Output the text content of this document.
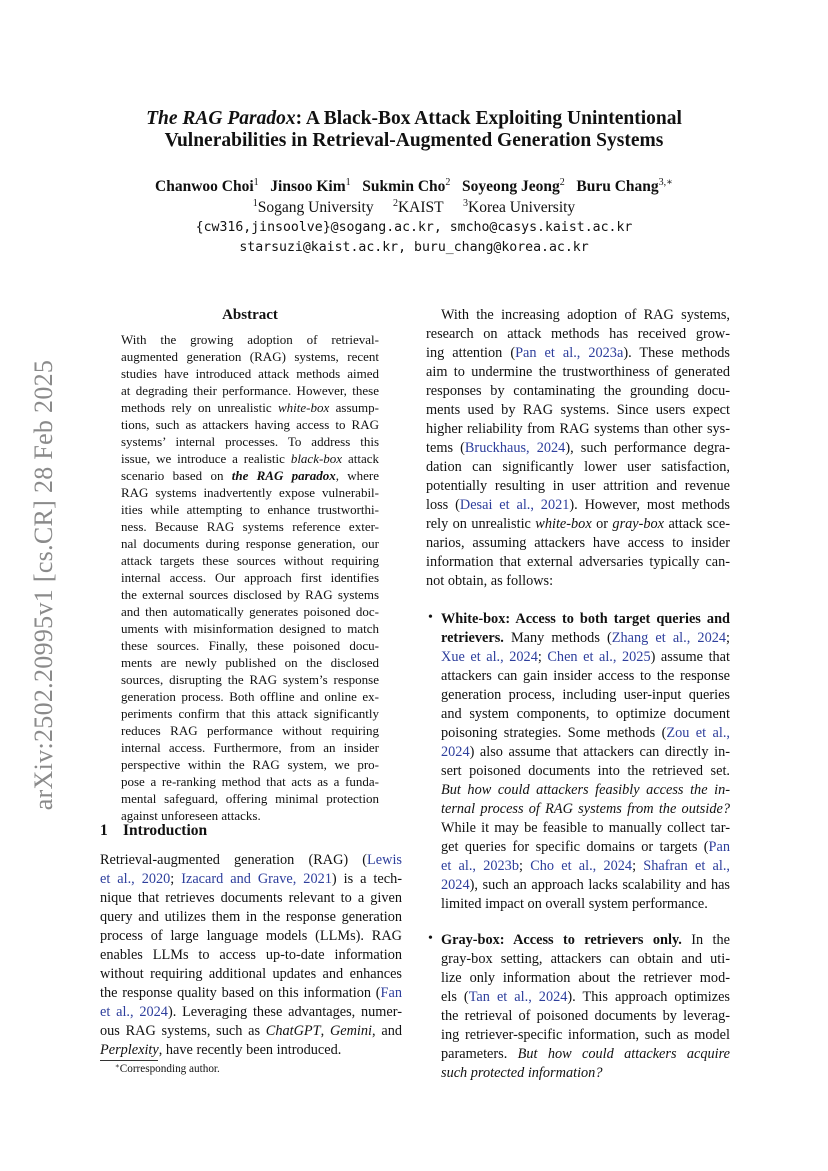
arXiv:2502.20995v1 [cs.CR] 28 Feb 2025
The RAG Paradox: A Black-Box Attack Exploiting Unintentional
Vulnerabilities in Retrieval-Augmented Generation Systems
Chanwoo Choi$^1$ Jinsoo Kim$^1$ Sukmin Cho$^2$ Soyeong Jeong$^2$ Buru Chang$^{3,∗}$
$^1$Sogang University $^2$KAIST $^3$Korea University
{cw316,jinsoolve}@sogang.ac.kr, smcho@casys.kaist.ac.kr
starsuzi@kaist.ac.kr, buru_chang@korea.ac.kr
Abstract
With the growing adoption of retrieval-
augmented generation (RAG) systems, recent
studies have introduced attack methods aimed
at degrading their performance. However, these
methods rely on unrealistic white-box assump-
tions, such as attackers having access to RAG
systems’ internal processes. To address this
issue, we introduce a realistic black-box attack
scenario based on the RAG paradox, where
RAG systems inadvertently expose vulnerabil-
ities while attempting to enhance trustworthi-
ness. Because RAG systems reference exter-
nal documents during response generation, our
attack targets these sources without requiring
internal access. Our approach first identifies
the external sources disclosed by RAG systems
and then automatically generates poisoned doc-
uments with misinformation designed to match
these sources. Finally, these poisoned docu-
ments are newly published on the disclosed
sources, disrupting the RAG system’s response
generation process. Both offline and online ex-
periments confirm that this attack significantly
reduces RAG performance without requiring
internal access. Furthermore, from an insider
perspective within the RAG system, we pro-
pose a re-ranking method that acts as a funda-
mental safeguard, offering minimal protection
against unforeseen attacks.
1 Introduction
Retrieval-augmented generation (RAG) (Lewis
et al., 2020; Izacard and Grave, 2021) is a tech-
nique that retrieves documents relevant to a given
query and utilizes them in the response generation
process of large language models (LLMs). RAG
enables LLMs to access up-to-date information
without requiring additional updates and enhances
the response quality based on this information (Fan
et al., 2024). Leveraging these advantages, numer-
ous RAG systems, such as ChatGPT, Gemini, and
Perplexity, have recently been introduced.
∗Corresponding author.
With the increasing adoption of RAG systems,
research on attack methods has received grow-
ing attention (Pan et al., 2023a). These methods
aim to undermine the trustworthiness of generated
responses by contaminating the grounding docu-
ments used by RAG systems. Since users expect
higher reliability from RAG systems than other sys-
tems (Bruckhaus, 2024), such performance degra-
dation can significantly lower user satisfaction,
potentially resulting in user attrition and revenue
loss (Desai et al., 2021). However, most methods
rely on unrealistic white-box or gray-box attack sce-
narios, assuming attackers have access to insider
information that external adversaries typically can-
not obtain, as follows:
• White-box: Access to both target queries and
retrievers. Many methods (Zhang et al., 2024;
Xue et al., 2024; Chen et al., 2025) assume that
attackers can gain insider access to the response
generation process, including user-input queries
and system components, to optimize document
poisoning strategies. Some methods (Zou et al.,
2024) also assume that attackers can directly in-
sert poisoned documents into the retrieved set.
But how could attackers feasibly access the in-
ternal process of RAG systems from the outside?
While it may be feasible to manually collect tar-
get queries for specific domains or targets (Pan
et al., 2023b; Cho et al., 2024; Shafran et al.,
2024), such an approach lacks scalability and has
limited impact on overall system performance.
• Gray-box: Access to retrievers only. In the
gray-box setting, attackers can obtain and uti-
lize only information about the retriever mod-
els (Tan et al., 2024). This approach optimizes
the retrieval of poisoned documents by leverag-
ing retriever-specific information, such as model
parameters. But how could attackers acquire
such protected information?
